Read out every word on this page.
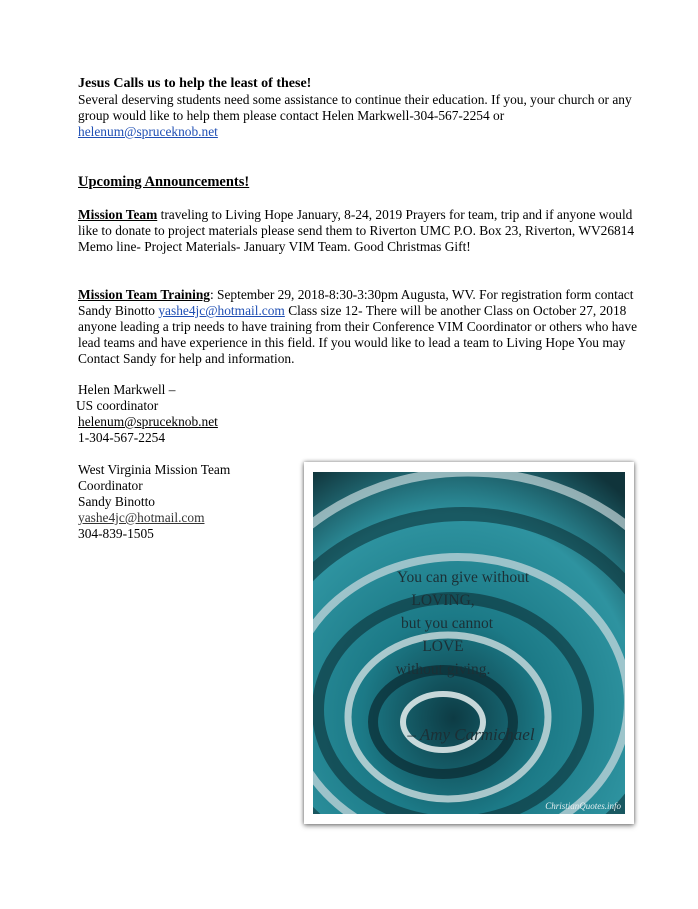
Jesus Calls us to help the least of these!

Several deserving students need some assistance to continue their education. If you, your church or any group would like to help them please contact Helen Markwell-304-567-2254 or
helenum@spruceknob.net

Upcoming Announcements!

Mission Team traveling to Living Hope January, 8-24, 2019 Prayers for team, trip and if anyone would like to donate to project materials please send them to Riverton UMC P.O. Box 23, Riverton, WV26814 Memo line- Project Materials- January VIM Team. Good Christmas Gift!

Mission Team Training: September 29, 2018-8:30-3:30pm Augusta, WV. For registration form contact Sandy Binotto yashe4jc@hotmail.com Class size 12- There will be another Class on October 27, 2018 anyone leading a trip needs to have training from their Conference VIM Coordinator or others who have lead teams and have experience in this field. If you would like to lead a team to Living Hope You may Contact Sandy for help and information.

Helen Markwell –
US coordinator
helenum@spruceknob.net
1-304-567-2254
West Virginia Mission Team
Coordinator
Sandy Binotto
yashe4jc@hotmail.com
304-839-1505
You can give without
LOVING,
but you cannot
LOVE
without giving.
– Amy Carmichael
ChristianQuotes.info
